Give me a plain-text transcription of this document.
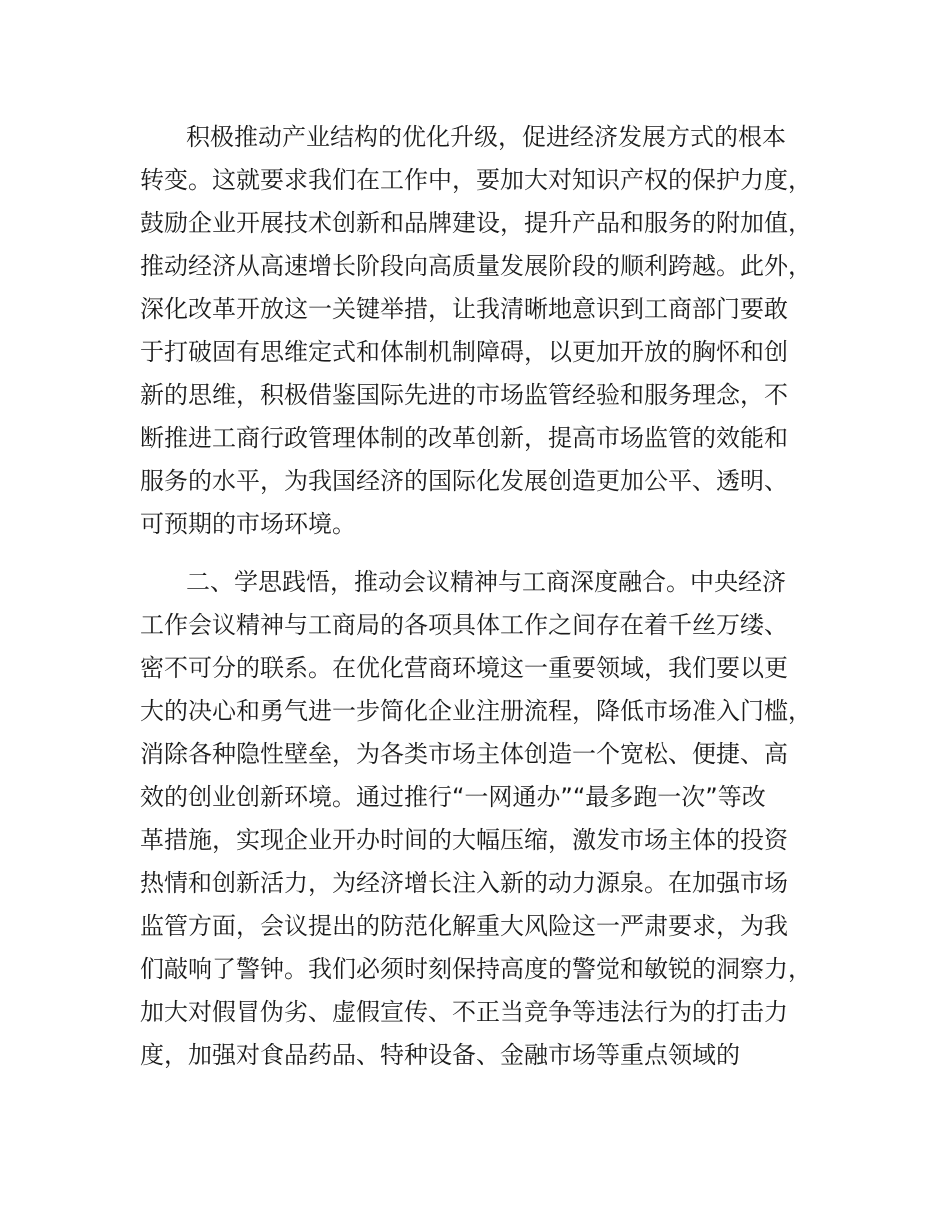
积极推动产业结构的优化升级，促进经济发展方式的根本
转变。这就要求我们在工作中，要加大对知识产权的保护力度，
鼓励企业开展技术创新和品牌建设，提升产品和服务的附加值，
推动经济从高速增长阶段向高质量发展阶段的顺利跨越。此外，
深化改革开放这一关键举措，让我清晰地意识到工商部门要敢
于打破固有思维定式和体制机制障碍，以更加开放的胸怀和创
新的思维，积极借鉴国际先进的市场监管经验和服务理念，不
断推进工商行政管理体制的改革创新，提高市场监管的效能和
服务的水平，为我国经济的国际化发展创造更加公平、透明、
可预期的市场环境。
二、学思践悟，推动会议精神与工商深度融合。中央经济
工作会议精神与工商局的各项具体工作之间存在着千丝万缕、
密不可分的联系。在优化营商环境这一重要领域，我们要以更
大的决心和勇气进一步简化企业注册流程，降低市场准入门槛，
消除各种隐性壁垒，为各类市场主体创造一个宽松、便捷、高
效的创业创新环境。通过推行“一网通办”“最多跑一次”等改
革措施，实现企业开办时间的大幅压缩，激发市场主体的投资
热情和创新活力，为经济增长注入新的动力源泉。在加强市场
监管方面，会议提出的防范化解重大风险这一严肃要求，为我
们敲响了警钟。我们必须时刻保持高度的警觉和敏锐的洞察力，
加大对假冒伪劣、虚假宣传、不正当竞争等违法行为的打击力
度，加强对食品药品、特种设备、金融市场等重点领域的
